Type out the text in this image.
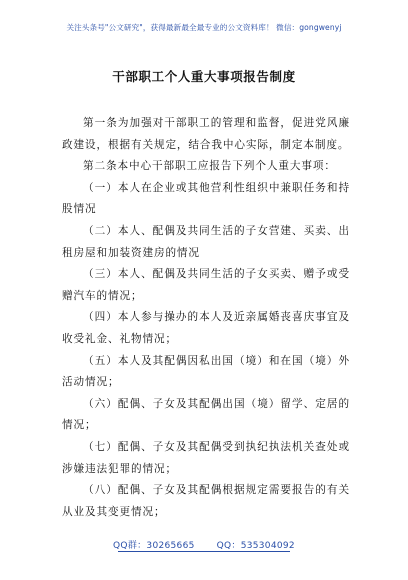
关注头条号"公文研究"，获得最新最全最专业的公文资料库！ 微信：gongwenyj
干部职工个人重大事项报告制度

第一条为加强对干部职工的管理和监督，促进党风廉政建设，根据有关规定，结合我中心实际，制定本制度。

第二条本中心干部职工应报告下列个人重大事项：

（一）本人在企业或其他营利性组织中兼职任务和持股情况

（二）本人、配偶及共同生活的子女营建、买卖、出租房屋和加装资建房的情况

（三）本人、配偶及共同生活的子女买卖、赠予或受赠汽车的情况；

（四）本人参与操办的本人及近亲属婚丧喜庆事宜及收受礼金、礼物情况；

（五）本人及其配偶因私出国（境）和在国（境）外活动情况；

（六）配偶、子女及其配偶出国（境）留学、定居的情况；

（七）配偶、子女及其配偶受到执纪执法机关查处或涉嫌违法犯罪的情况；

（八）配偶、子女及其配偶根据规定需要报告的有关从业及其变更情况；

QQ群：30265665 QQ：535304092
